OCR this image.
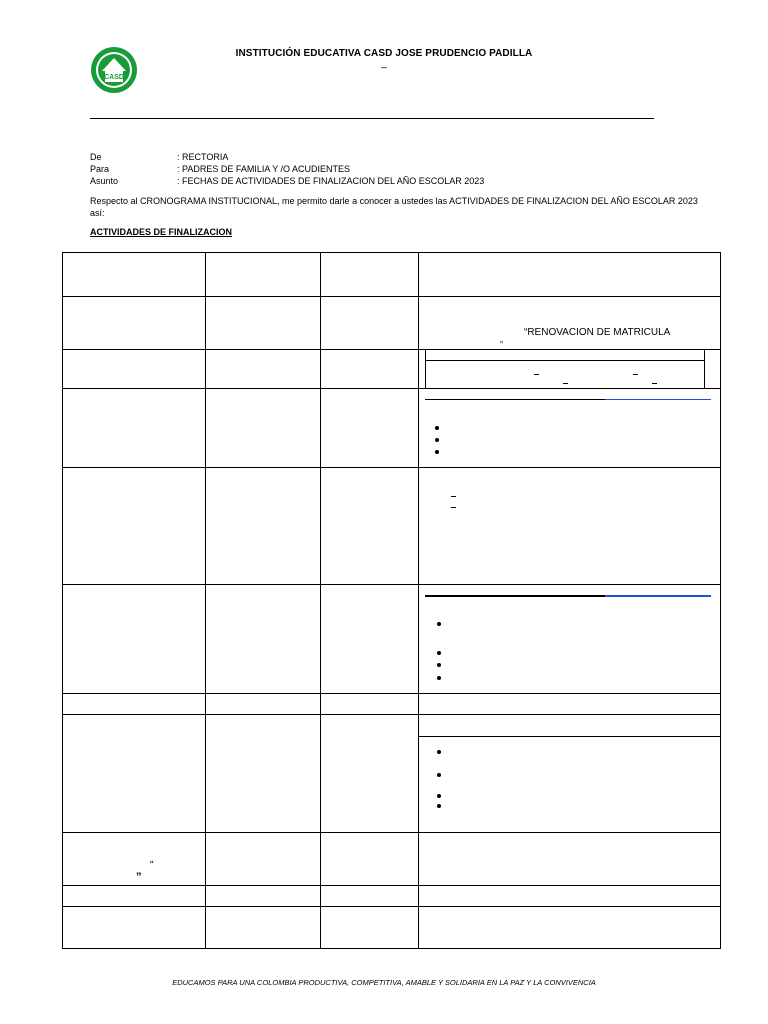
CASD
INSTITUCIÓN EDUCATIVA CASD JOSE PRUDENCIO PADILLA
_
De	: RECTORIA
Para	: PADRES DE FAMILIA Y /O ACUDIENTES
Asunto	: FECHAS DE ACTIVIDADES DE FINALIZACION DEL AÑO ESCOLAR 2023
Respecto al CRONOGRAMA INSTITUCIONAL, me permito darle a conocer a ustedes las ACTIVIDADES DE FINALIZACION DEL AÑO ESCOLAR 2023 así:
ACTIVIDADES DE FINALIZACION
“RENOVACION DE MATRICULA
„
“
”
EDUCAMOS PARA UNA COLOMBIA PRODUCTIVA, COMPETITIVA, AMABLE Y SOLIDARIA EN LA PAZ Y LA CONVIVENCIA
